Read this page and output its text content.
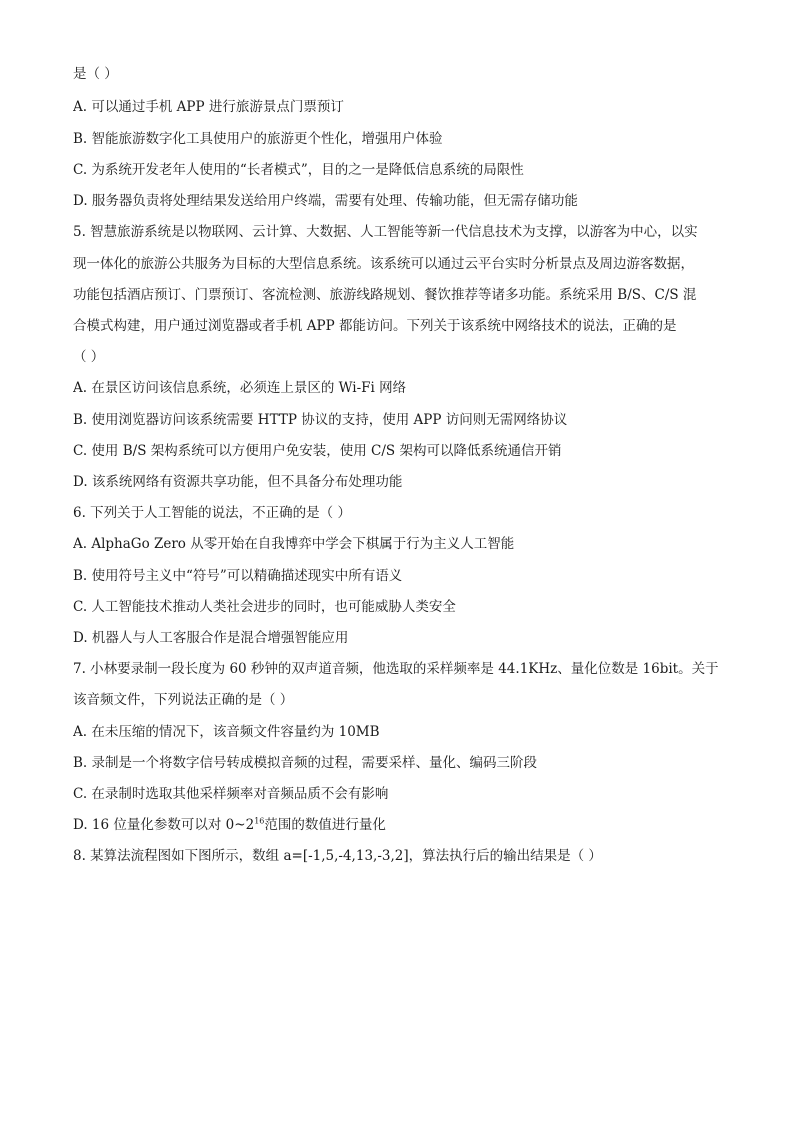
是（ ）
A. 可以通过手机 APP 进行旅游景点门票预订
B. 智能旅游数字化工具使用户的旅游更个性化，增强用户体验
C. 为系统开发老年人使用的“长者模式”，目的之一是降低信息系统的局限性
D. 服务器负责将处理结果发送给用户终端，需要有处理、传输功能，但无需存储功能
5. 智慧旅游系统是以物联网、云计算、大数据、人工智能等新一代信息技术为支撑，以游客为中心，以实
现一体化的旅游公共服务为目标的大型信息系统。该系统可以通过云平台实时分析景点及周边游客数据，
功能包括酒店预订、门票预订、客流检测、旅游线路规划、餐饮推荐等诸多功能。系统采用 B/S、C/S 混
合模式构建，用户通过浏览器或者手机 APP 都能访问。下列关于该系统中网络技术的说法，正确的是
（ ）
A. 在景区访问该信息系统，必须连上景区的 Wi-Fi 网络
B. 使用浏览器访问该系统需要 HTTP 协议的支持，使用 APP 访问则无需网络协议
C. 使用 B/S 架构系统可以方便用户免安装，使用 C/S 架构可以降低系统通信开销
D. 该系统网络有资源共享功能，但不具备分布处理功能
6. 下列关于人工智能的说法，不正确的是（ ）
A. AlphaGo Zero 从零开始在自我博弈中学会下棋属于行为主义人工智能
B. 使用符号主义中“符号”可以精确描述现实中所有语义
C. 人工智能技术推动人类社会进步的同时，也可能威胁人类安全
D. 机器人与人工客服合作是混合增强智能应用
7. 小林要录制一段长度为 60 秒钟的双声道音频，他选取的采样频率是 44.1KHz、量化位数是 16bit。关于
该音频文件，下列说法正确的是（ ）
A. 在未压缩的情况下，该音频文件容量约为 10MB
B. 录制是一个将数字信号转成模拟音频的过程，需要采样、量化、编码三阶段
C. 在录制时选取其他采样频率对音频品质不会有影响
D. 16 位量化参数可以对 $0\sim 2^{16}$范围的数值进行量化
8. 某算法流程图如下图所示，数组 a=[-1,5,-4,13,-3,2]，算法执行后的输出结果是（ ）
